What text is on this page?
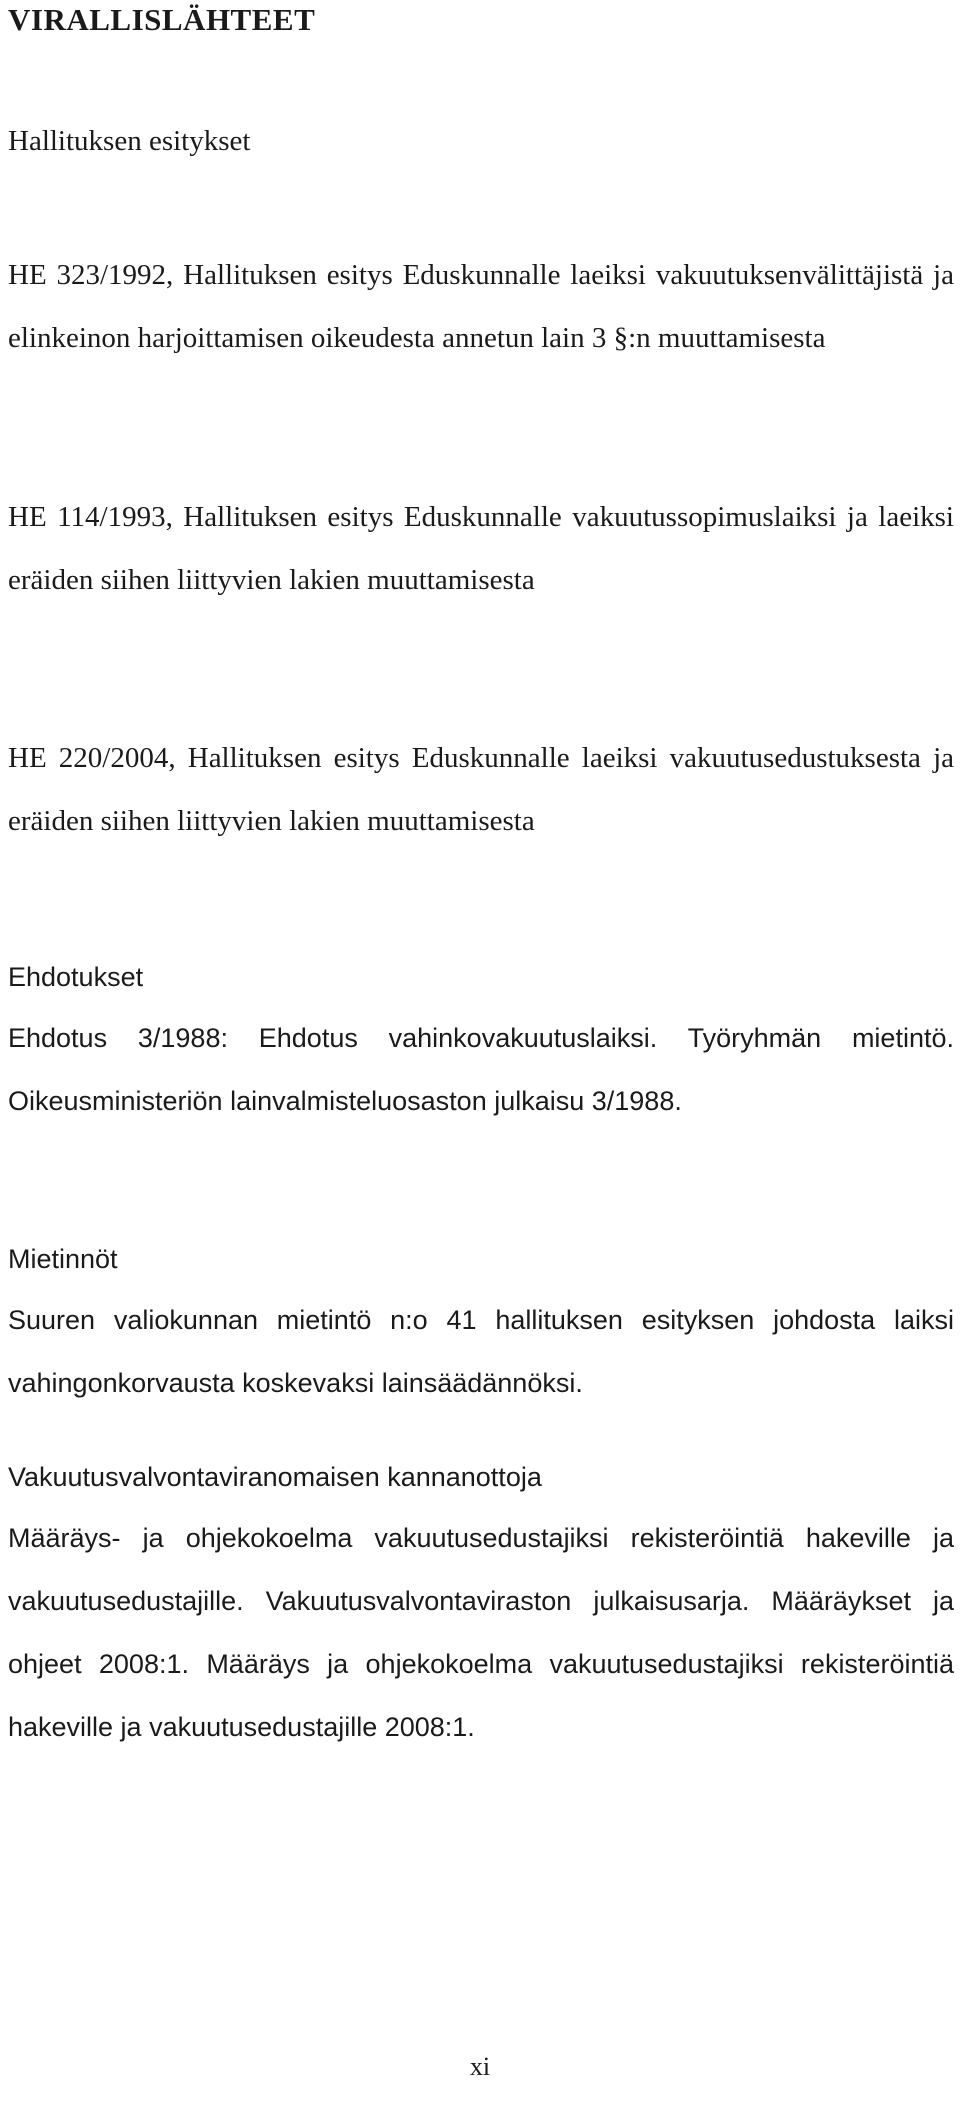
VIRALLISLÄHTEET
Hallituksen esitykset
HE 323/1992, Hallituksen esitys Eduskunnalle laeiksi vakuutuksenvälittäjistä ja elinkeinon harjoittamisen oikeudesta annetun lain 3 §:n muuttamisesta
HE 114/1993, Hallituksen esitys Eduskunnalle vakuutussopimuslaiksi ja laeiksi eräiden siihen liittyvien lakien muuttamisesta
HE 220/2004, Hallituksen esitys Eduskunnalle laeiksi vakuutusedustuksesta ja eräiden siihen liittyvien lakien muuttamisesta
Ehdotukset
Ehdotus 3/1988: Ehdotus vahinkovakuutuslaiksi. Työryhmän mietintö. Oikeusministeriön lainvalmisteluosaston julkaisu 3/1988.
Mietinnöt
Suuren valiokunnan mietintö n:o 41 hallituksen esityksen johdosta laiksi vahingonkorvausta koskevaksi lainsäädännöksi.
Vakuutusvalvontaviranomaisen kannanottoja
Määräys- ja ohjekokoelma vakuutusedustajiksi rekisteröintiä hakeville ja vakuutusedustajille. Vakuutusvalvontaviraston julkaisusarja. Määräykset ja ohjeet 2008:1. Määräys ja ohjekokoelma vakuutusedustajiksi rekisteröintiä hakeville ja vakuutusedustajille 2008:1.
xi
